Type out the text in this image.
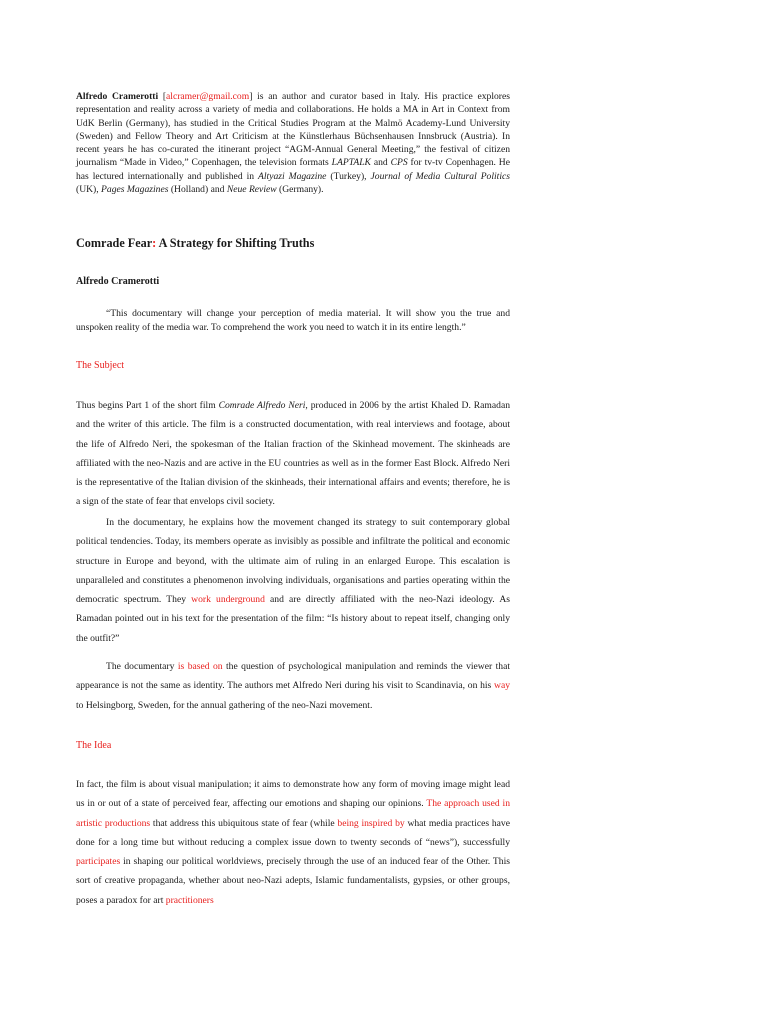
Alfredo Cramerotti [alcramer@gmail.com] is an author and curator based in Italy. His practice explores representation and reality across a variety of media and collaborations. He holds a MA in Art in Context from UdK Berlin (Germany), has studied in the Critical Studies Program at the Malmö Academy-Lund University (Sweden) and Fellow Theory and Art Criticism at the Künstlerhaus Büchsenhausen Innsbruck (Austria). In recent years he has co-curated the itinerant project “AGM-Annual General Meeting,” the festival of citizen journalism “Made in Video,” Copenhagen, the television formats LAPTALK and CPS for tv-tv Copenhagen. He has lectured internationally and published in Altyazi Magazine (Turkey), Journal of Media Cultural Politics (UK), Pages Magazines (Holland) and Neue Review (Germany).

Comrade Fear: A Strategy for Shifting Truths

Alfredo Cramerotti

“This documentary will change your perception of media material. It will show you the true and unspoken reality of the media war. To comprehend the work you need to watch it in its entire length.”

The Subject

Thus begins Part 1 of the short film Comrade Alfredo Neri, produced in 2006 by the artist Khaled D. Ramadan and the writer of this article. The film is a constructed documentation, with real interviews and footage, about the life of Alfredo Neri, the spokesman of the Italian fraction of the Skinhead movement. The skinheads are affiliated with the neo-Nazis and are active in the EU countries as well as in the former East Block. Alfredo Neri is the representative of the Italian division of the skinheads, their international affairs and events; therefore, he is a sign of the state of fear that envelops civil society.

In the documentary, he explains how the movement changed its strategy to suit contemporary global political tendencies. Today, its members operate as invisibly as possible and infiltrate the political and economic structure in Europe and beyond, with the ultimate aim of ruling in an enlarged Europe. This escalation is unparalleled and constitutes a phenomenon involving individuals, organisations and parties operating within the democratic spectrum. They work underground and are directly affiliated with the neo-Nazi ideology. As Ramadan pointed out in his text for the presentation of the film: “Is history about to repeat itself, changing only the outfit?”

The documentary is based on the question of psychological manipulation and reminds the viewer that appearance is not the same as identity. The authors met Alfredo Neri during his visit to Scandinavia, on his way to Helsingborg, Sweden, for the annual gathering of the neo-Nazi movement.

The Idea

In fact, the film is about visual manipulation; it aims to demonstrate how any form of moving image might lead us in or out of a state of perceived fear, affecting our emotions and shaping our opinions. The approach used in artistic productions that address this ubiquitous state of fear (while being inspired by what media practices have done for a long time but without reducing a complex issue down to twenty seconds of “news”), successfully participates in shaping our political worldviews, precisely through the use of an induced fear of the Other. This sort of creative propaganda, whether about neo-Nazi adepts, Islamic fundamentalists, gypsies, or other groups, poses a paradox for art practitioners
